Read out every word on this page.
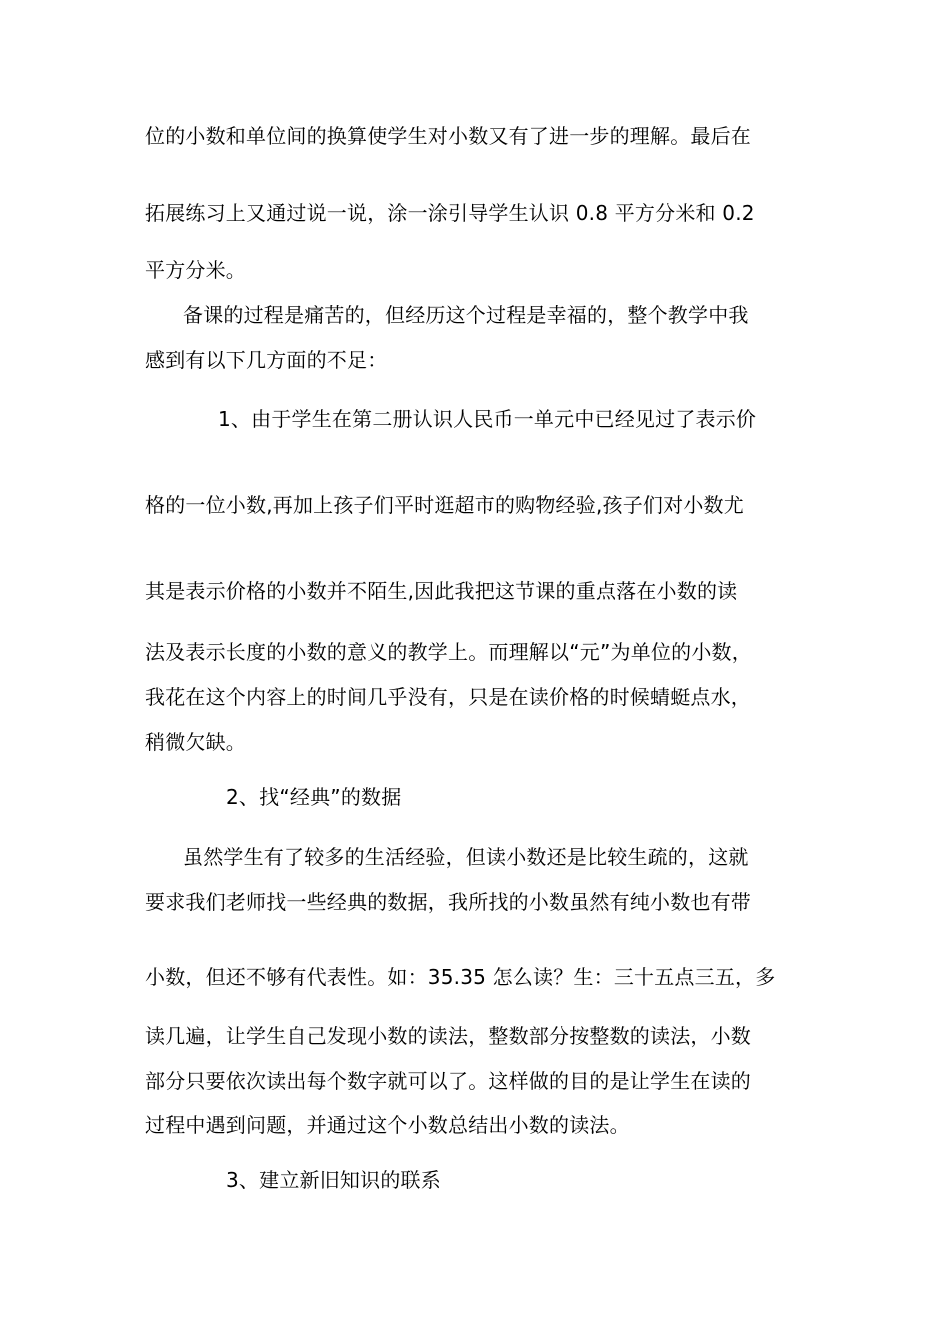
位的小数和单位间的换算使学生对小数又有了进一步的理解。最后在
拓展练习上又通过说一说，涂一涂引导学生认识 0.8 平方分米和 0.2
平方分米。
备课的过程是痛苦的，但经历这个过程是幸福的，整个教学中我
感到有以下几方面的不足：
1、由于学生在第二册认识人民币一单元中已经见过了表示价
格的一位小数,再加上孩子们平时逛超市的购物经验,孩子们对小数尤
其是表示价格的小数并不陌生,因此我把这节课的重点落在小数的读
法及表示长度的小数的意义的教学上。而理解以“元”为单位的小数，
我花在这个内容上的时间几乎没有，只是在读价格的时候蜻蜓点水，
稍微欠缺。
2、找“经典”的数据
虽然学生有了较多的生活经验，但读小数还是比较生疏的，这就
要求我们老师找一些经典的数据，我所找的小数虽然有纯小数也有带
小数，但还不够有代表性。如：35.35 怎么读？生：三十五点三五，多
读几遍，让学生自己发现小数的读法，整数部分按整数的读法，小数
部分只要依次读出每个数字就可以了。这样做的目的是让学生在读的
过程中遇到问题，并通过这个小数总结出小数的读法。
3、建立新旧知识的联系
